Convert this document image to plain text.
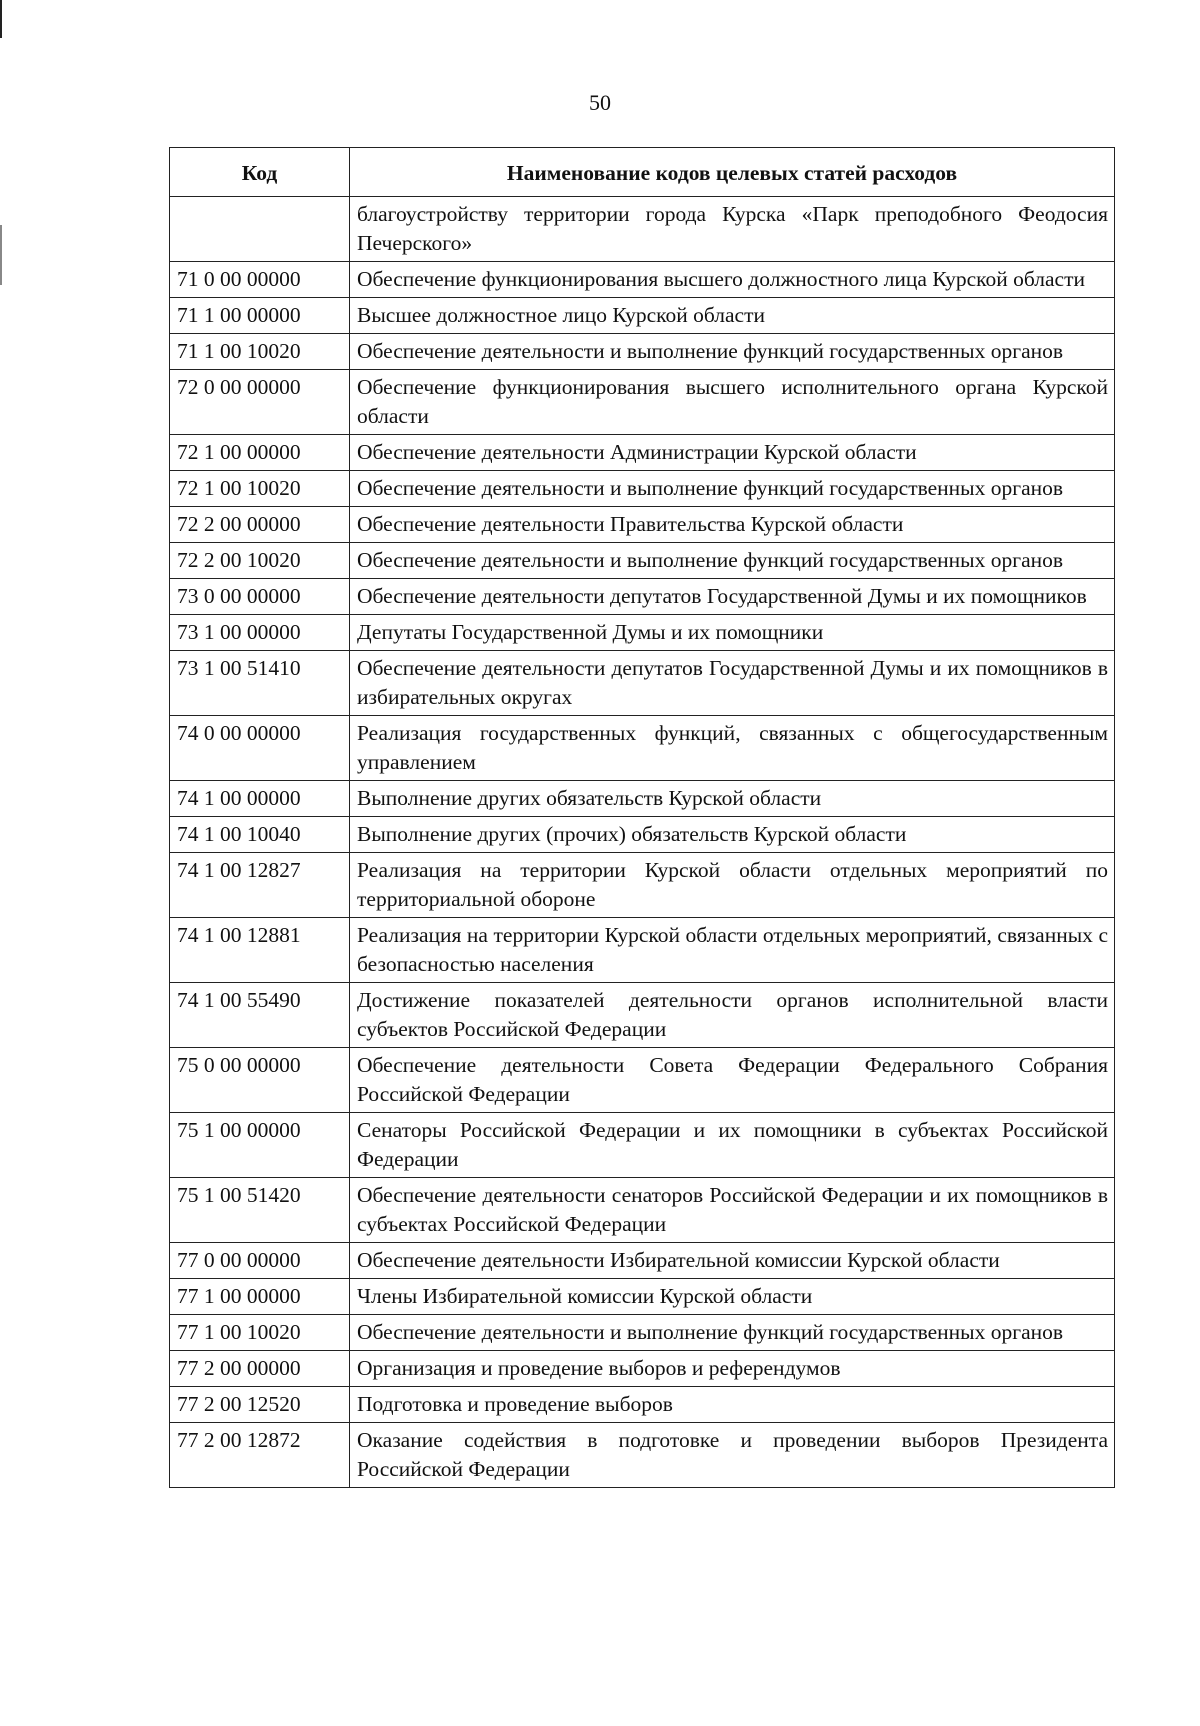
50
Код	Наименование кодов целевых статей расходов
	благоустройству территории города Курска «Парк преподобного Феодосия Печерского»
71 0 00 00000	Обеспечение функционирования высшего должностного лица Курской области
71 1 00 00000	Высшее должностное лицо Курской области
71 1 00 10020	Обеспечение деятельности и выполнение функций государственных органов
72 0 00 00000	Обеспечение функционирования высшего исполнительного органа Курской области
72 1 00 00000	Обеспечение деятельности Администрации Курской области
72 1 00 10020	Обеспечение деятельности и выполнение функций государственных органов
72 2 00 00000	Обеспечение деятельности Правительства Курской области
72 2 00 10020	Обеспечение деятельности и выполнение функций государственных органов
73 0 00 00000	Обеспечение деятельности депутатов Государственной Думы и их помощников
73 1 00 00000	Депутаты Государственной Думы и их помощники
73 1 00 51410	Обеспечение деятельности депутатов Государственной Думы и их помощников в избирательных округах
74 0 00 00000	Реализация государственных функций, связанных с общегосударственным управлением
74 1 00 00000	Выполнение других обязательств Курской области
74 1 00 10040	Выполнение других (прочих) обязательств Курской области
74 1 00 12827	Реализация на территории Курской области отдельных мероприятий по территориальной обороне
74 1 00 12881	Реализация на территории Курской области отдельных мероприятий, связанных с безопасностью населения
74 1 00 55490	Достижение показателей деятельности органов исполнительной власти субъектов Российской Федерации
75 0 00 00000	Обеспечение деятельности Совета Федерации Федерального Собрания Российской Федерации
75 1 00 00000	Сенаторы Российской Федерации и их помощники в субъектах Российской Федерации
75 1 00 51420	Обеспечение деятельности сенаторов Российской Федерации и их помощников в субъектах Российской Федерации
77 0 00 00000	Обеспечение деятельности Избирательной комиссии Курской области
77 1 00 00000	Члены Избирательной комиссии Курской области
77 1 00 10020	Обеспечение деятельности и выполнение функций государственных органов
77 2 00 00000	Организация и проведение выборов и референдумов
77 2 00 12520	Подготовка и проведение выборов
77 2 00 12872	Оказание содействия в подготовке и проведении выборов Президента Российской Федерации
